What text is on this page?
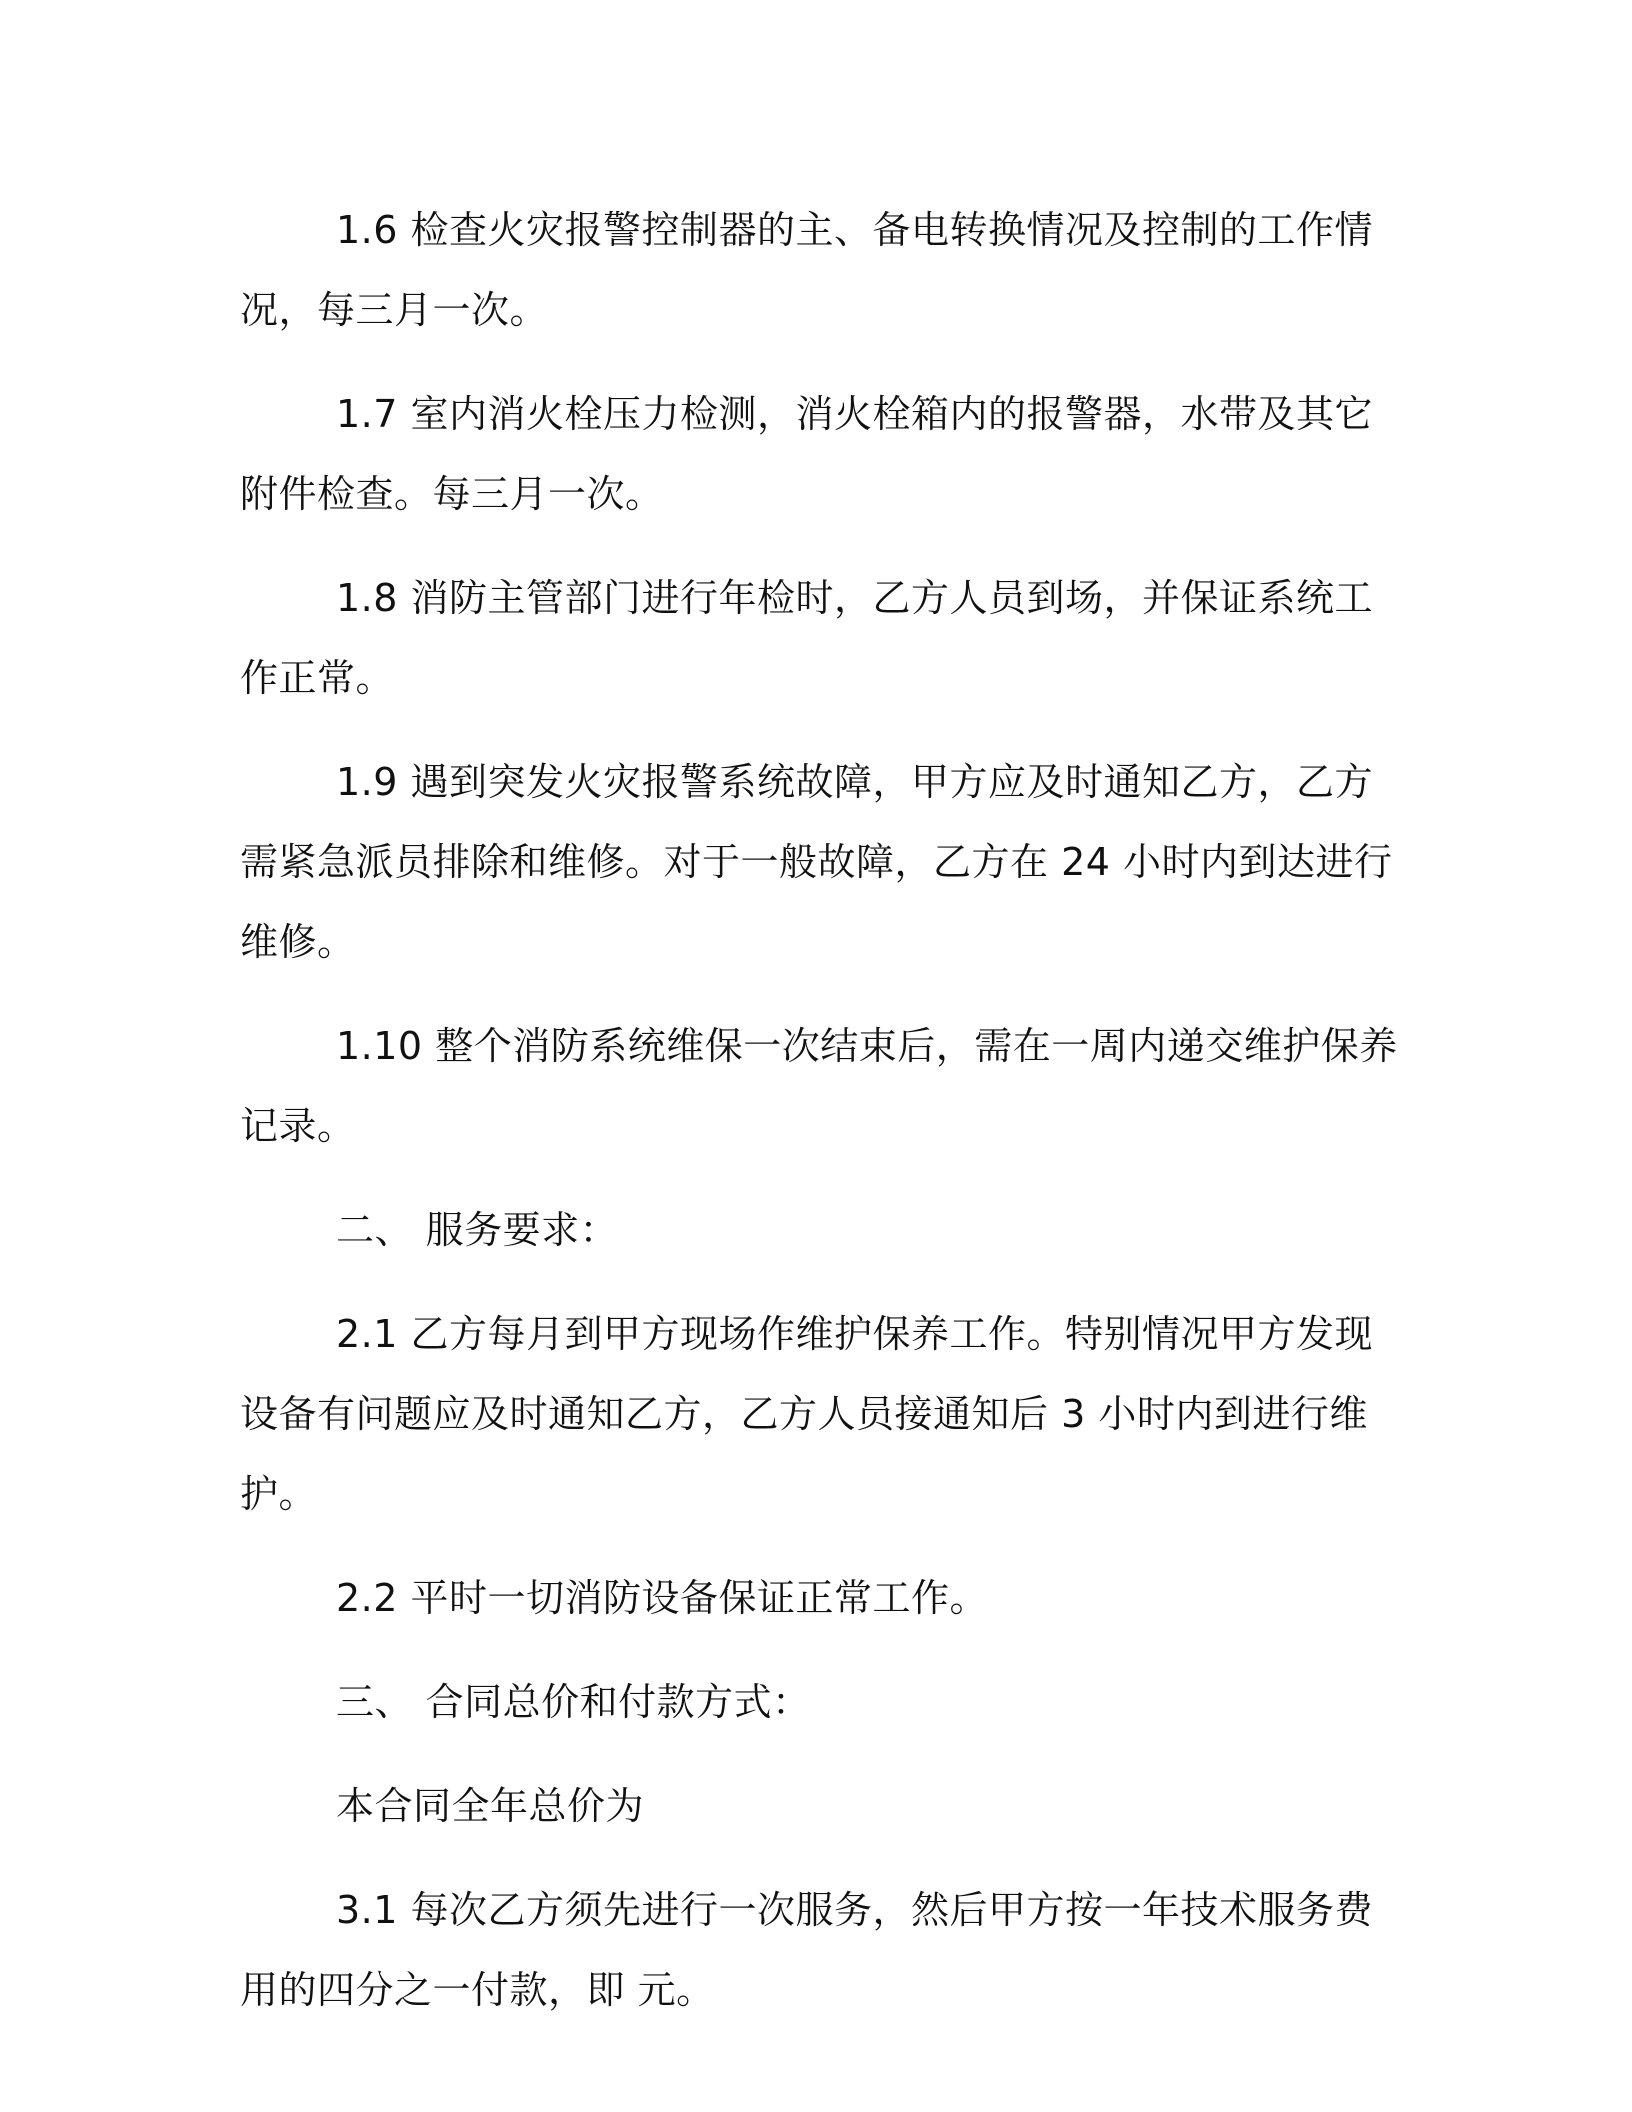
1.6 检查火灾报警控制器的主、备电转换情况及控制的工作情况，每三月一次。

1.7 室内消火栓压力检测，消火栓箱内的报警器，水带及其它附件检查。每三月一次。

1.8 消防主管部门进行年检时，乙方人员到场，并保证系统工作正常。

1.9 遇到突发火灾报警系统故障，甲方应及时通知乙方，乙方需紧急派员排除和维修。对于一般故障，乙方在 24 小时内到达进行维修。

1.10 整个消防系统维保一次结束后，需在一周内递交维护保养记录。

二、 服务要求：

2.1 乙方每月到甲方现场作维护保养工作。特别情况甲方发现设备有问题应及时通知乙方，乙方人员接通知后 3 小时内到进行维护。

2.2 平时一切消防设备保证正常工作。

三、 合同总价和付款方式：

本合同全年总价为

3.1 每次乙方须先进行一次服务，然后甲方按一年技术服务费用的四分之一付款，即 元。
